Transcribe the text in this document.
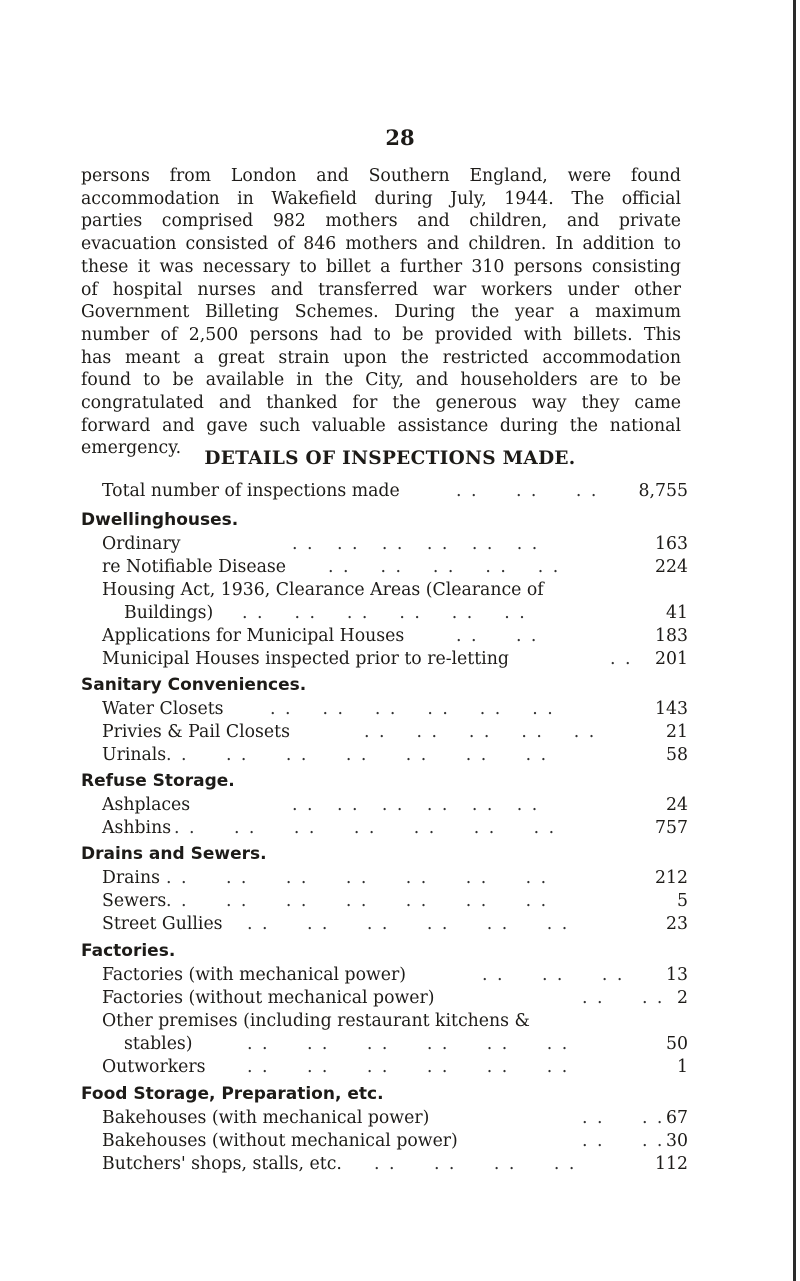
28

persons from London and Southern England, were found
accommodation in Wakefield during July, 1944. The official
parties comprised 982 mothers and children, and private
evacuation consisted of 846 mothers and children. In addition to
these it was necessary to billet a further 310 persons consisting
of hospital nurses and transferred war workers under other
Government Billeting Schemes. During the year a maximum
number of 2,500 persons had to be provided with billets. This
has meant a great strain upon the restricted accommodation
found to be available in the City, and householders are to be
congratulated and thanked for the generous way they came
forward and gave such valuable assistance during the national
emergency.	DETAILS OF INSPECTIONS MADE.
Total number of inspections made	. .     . .     . . 8,755
Dwellinghouses.
Ordinary	. .   . .   . .   . .   . .   . .	163
re Notifiable Disease . .    . .    . .    . .    . .	224
Housing Act, 1936, Clearance Areas (Clearance of
Buildings) . .    . .    . .    . .    . .    . .	41
Applications for Municipal Houses	. .     . .	183
Municipal Houses inspected prior to re-letting	. . 201
Sanitary Conveniences.
Water Closets	. .    . .    . .    . .    . .    . .	143
Privies & Pail Closets	. .    . .    . .    . .    . .	21
Urinals . .     . .     . .     . .     . .     . .     . .	58
Refuse Storage.
Ashplaces	. .   . .   . .   . .   . .   . .	24
Ashbins . .     . .     . .     . .     . .     . .     . .	757
Drains and Sewers.
Drains . .     . .     . .     . .     . .     . .     . .	212
Sewers . .     . .     . .     . .     . .     . .     . .	5
Street Gullies . .     . .     . .     . .     . .     . .	23
Factories.
Factories (with mechanical power)	. .     . .     . . 13
Factories (without mechanical power)	. .     . . 2
Other premises (including restaurant kitchens &
stables)	. .     . .     . .     . .     . .     . .	50
Outworkers . .     . .     . .     . .     . .     . .	1
Food Storage, Preparation, etc.
Bakehouses (with mechanical power)	. .     . . 67
Bakehouses (without mechanical power)	. .     . . 30
Butchers' shops, stalls, etc. . .     . .     . .     . .	112
